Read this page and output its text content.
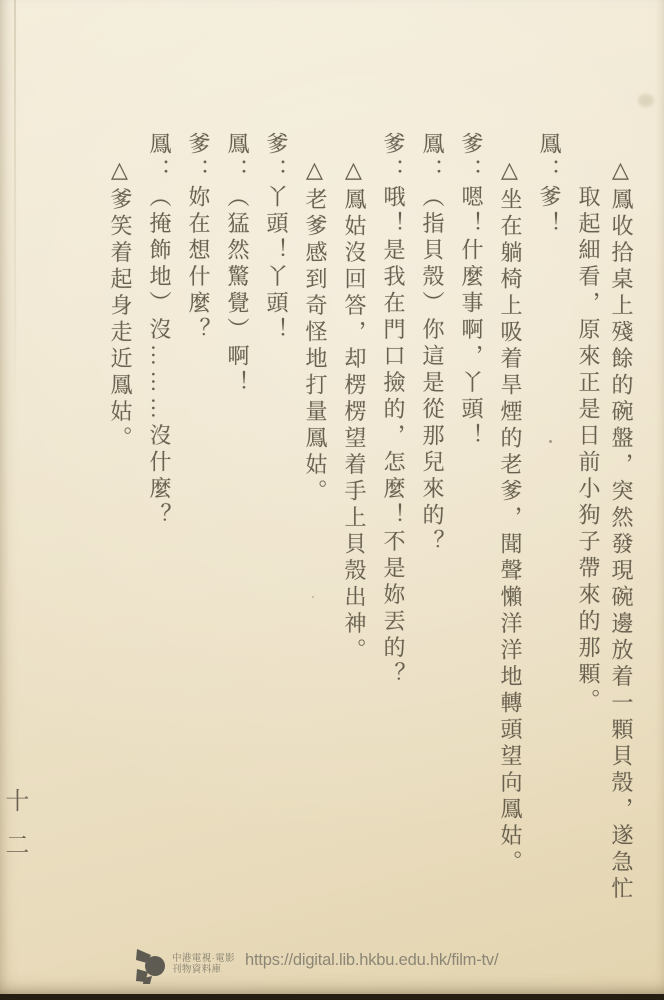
△鳳收拾桌上殘餘的碗盤，突然發現碗邊放着一顆貝殼，遂急忙
取起細看，原來正是日前小狗子帶來的那顆。
鳳：爹！
△坐在躺椅上吸着旱煙的老爹，聞聲懶洋洋地轉頭望向鳳姑。
爹：嗯！什麼事啊，丫頭！
鳳：（指貝殼）你這是從那兒來的？
爹：哦！是我在門口撿的，怎麼！不是妳丟的？
△鳳姑沒回答，却楞楞望着手上貝殼出神。
△老爹感到奇怪地打量鳳姑。
爹：丫頭！丫頭！
鳳：（猛然驚覺）啊！
爹：妳在想什麼？
鳳：（掩飾地）沒………沒什麼？
△爹笑着起身走近鳳姑。
十二
中港電視·電影
刊物資料庫
https://digital.lib.hkbu.edu.hk/film-tv/
